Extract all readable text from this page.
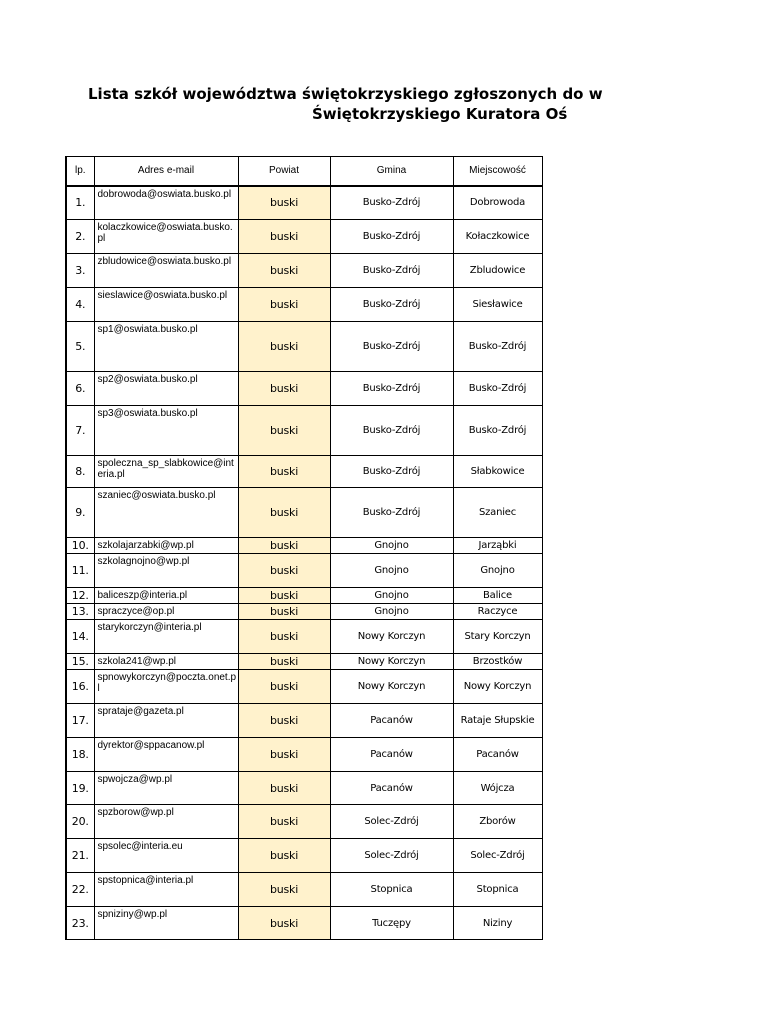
Lista szkół województwa świętokrzyskiego zgłoszonych do w
Świętokrzyskiego Kuratora Oś
lp.	Adres e-mail	Powiat	Gmina	Miejscowość
1.	dobrowoda@oswiata.busko.pl	buski	Busko-Zdrój	Dobrowoda
2.	kolaczkowice@oswiata.busko.pl	buski	Busko-Zdrój	Kołaczkowice
3.	zbludowice@oswiata.busko.pl	buski	Busko-Zdrój	Zbludowice
4.	sieslawice@oswiata.busko.pl	buski	Busko-Zdrój	Siesławice
5.	sp1@oswiata.busko.pl	buski	Busko-Zdrój	Busko-Zdrój
6.	sp2@oswiata.busko.pl	buski	Busko-Zdrój	Busko-Zdrój
7.	sp3@oswiata.busko.pl	buski	Busko-Zdrój	Busko-Zdrój
8.	spoleczna_sp_slabkowice@interia.pl	buski	Busko-Zdrój	Słabkowice
9.	szaniec@oswiata.busko.pl	buski	Busko-Zdrój	Szaniec
10.	szkolajarzabki@wp.pl	buski	Gnojno	Jarząbki
11.	szkolagnojno@wp.pl	buski	Gnojno	Gnojno
12.	baliceszp@interia.pl	buski	Gnojno	Balice
13.	spraczyce@op.pl	buski	Gnojno	Raczyce
14.	starykorczyn@interia.pl	buski	Nowy Korczyn	Stary Korczyn
15.	szkola241@wp.pl	buski	Nowy Korczyn	Brzostków
16.	spnowykorczyn@poczta.onet.pl	buski	Nowy Korczyn	Nowy Korczyn
17.	sprataje@gazeta.pl	buski	Pacanów	Rataje Słupskie
18.	dyrektor@sppacanow.pl	buski	Pacanów	Pacanów
19.	spwojcza@wp.pl	buski	Pacanów	Wójcza
20.	spzborow@wp.pl	buski	Solec-Zdrój	Zborów
21.	spsolec@interia.eu	buski	Solec-Zdrój	Solec-Zdrój
22.	spstopnica@interia.pl	buski	Stopnica	Stopnica
23.	spniziny@wp.pl	buski	Tuczępy	Niziny
